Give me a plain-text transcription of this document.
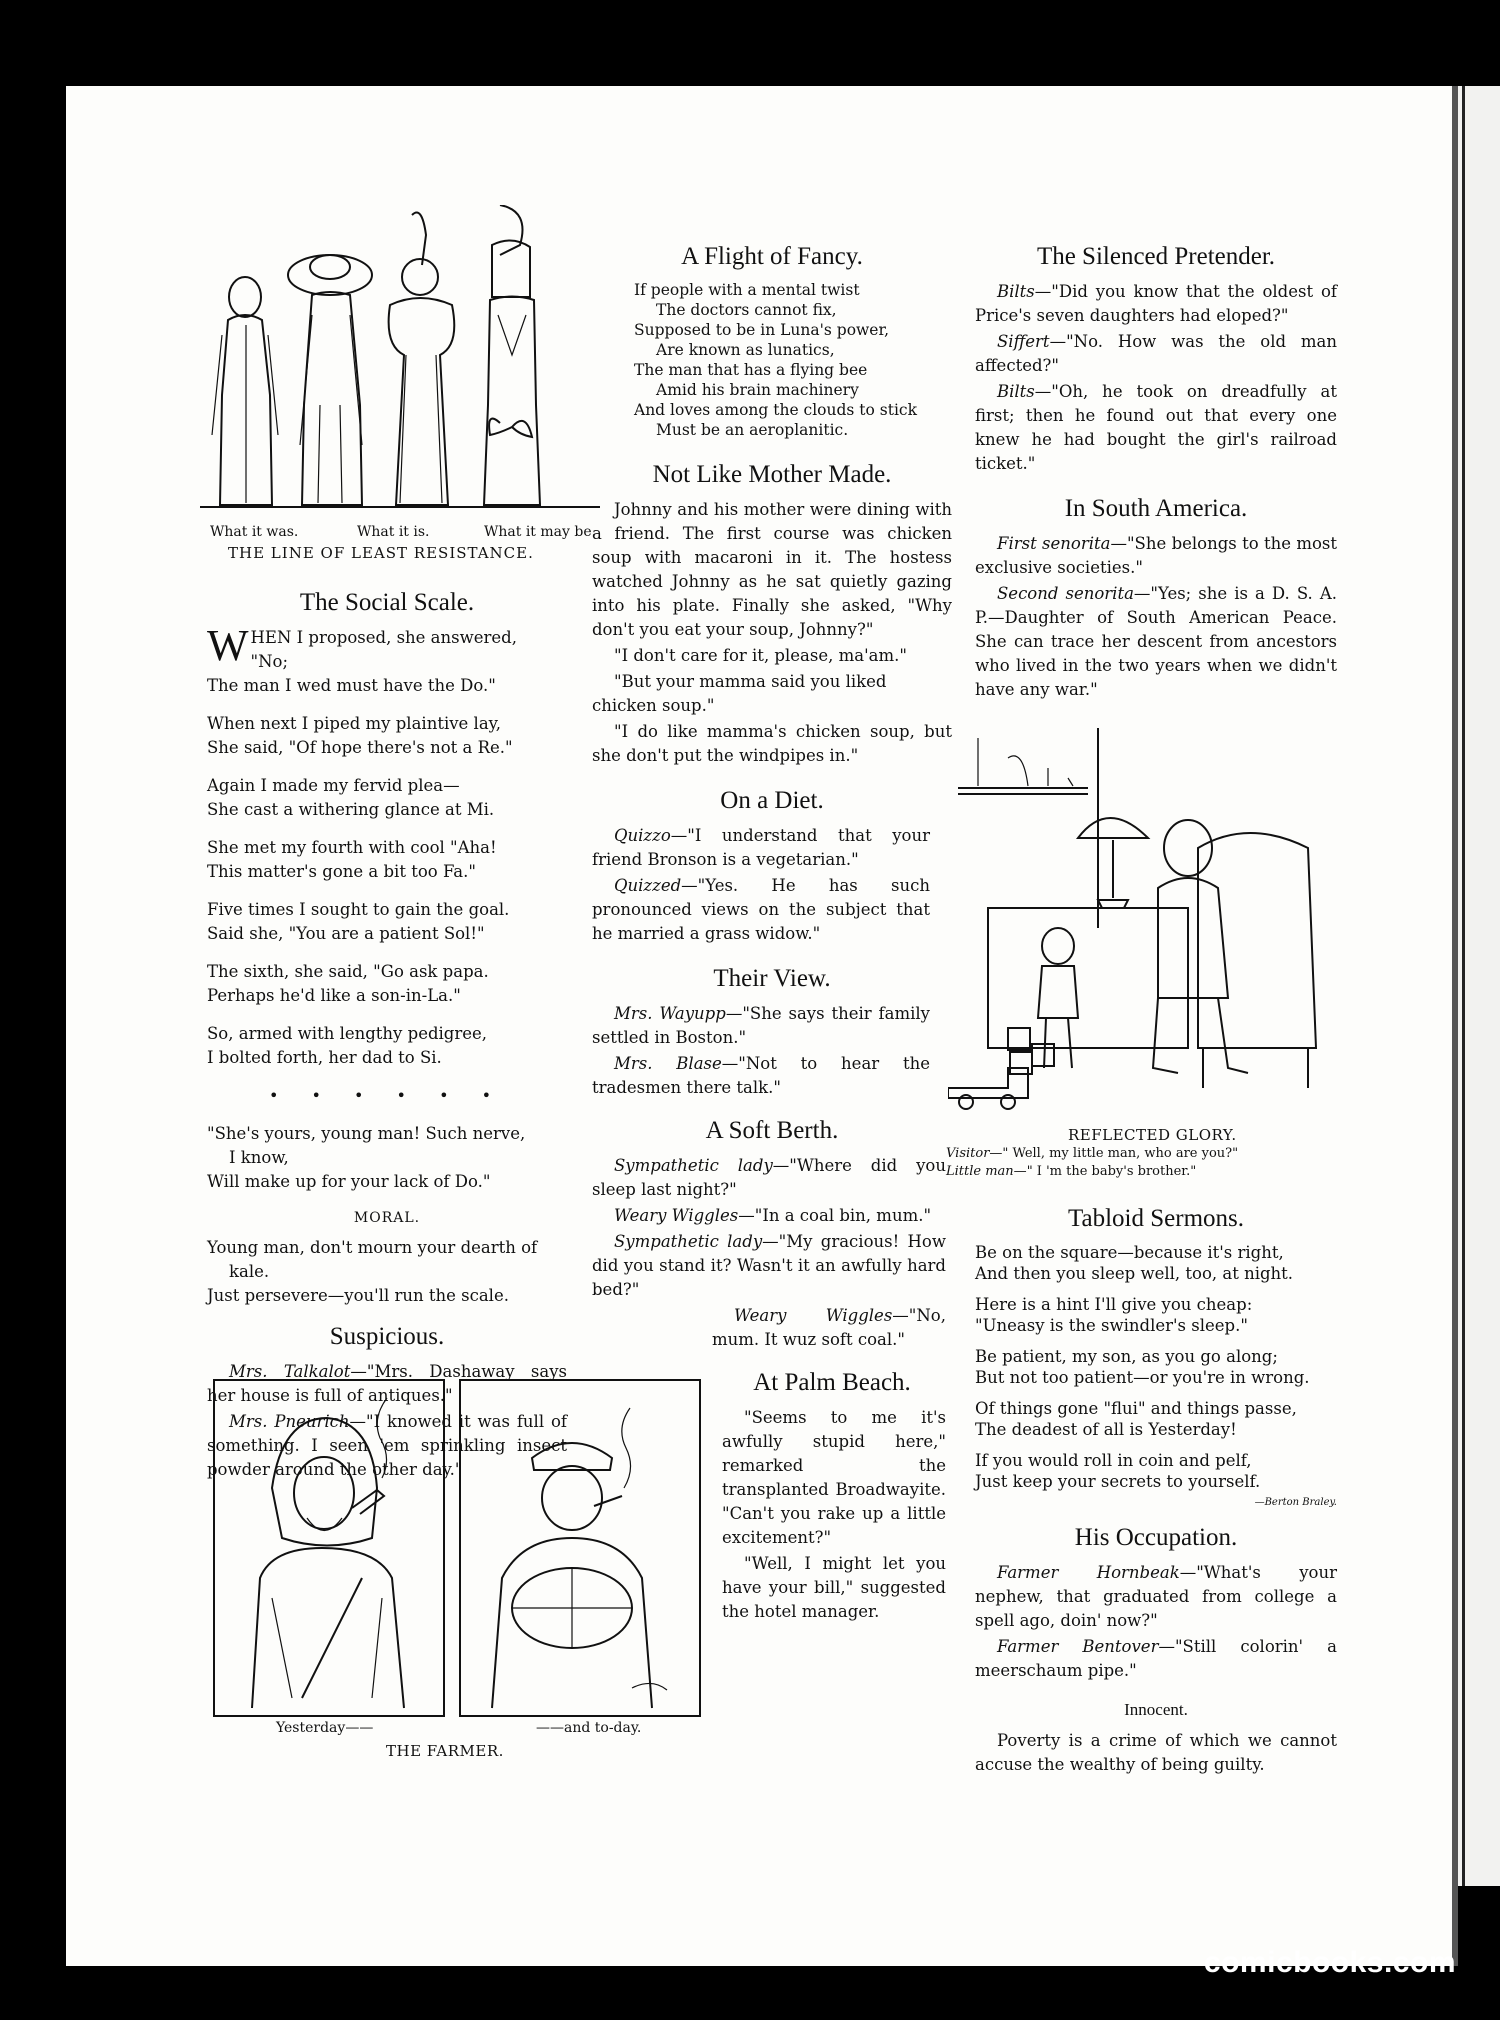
What it was.	What it is.	What it may be.
THE LINE OF LEAST RESISTANCE.
The Social Scale.

WHEN I proposed, she answered,

"No;

The man I wed must have the Do."

When next I piped my plaintive lay,

She said, "Of hope there's not a Re."

Again I made my fervid plea—

She cast a withering glance at Mi.

She met my fourth with cool "Aha!

This matter's gone a bit too Fa."

Five times I sought to gain the goal.

Said she, "You are a patient Sol!"

The sixth, she said, "Go ask papa.

Perhaps he'd like a son-in-La."

So, armed with lengthy pedigree,

I bolted forth, her dad to Si.

• • • • • •

"She's yours, young man! Such nerve,

I know,

Will make up for your lack of Do."

MORAL.

Young man, don't mourn your dearth of

kale.

Just persevere—you'll run the scale.

Suspicious.

Mrs. Talkalot—"Mrs. Dashaway says her house is full of antiques."

Mrs. Pneurich—"I knowed it was full of something. I seen 'em sprinkling insect powder around the other day."

Yesterday——	——and to-day.
THE FARMER.
A Flight of Fancy.

If people with a mental twist

The doctors cannot fix,

Supposed to be in Luna's power,

Are known as lunatics,

The man that has a flying bee

Amid his brain machinery

And loves among the clouds to stick

Must be an aeroplanitic.

Not Like Mother Made.

Johnny and his mother were dining with a friend. The first course was chicken soup with macaroni in it. The hostess watched Johnny as he sat quietly gazing into his plate. Finally she asked, "Why don't you eat your soup, Johnny?"

"I don't care for it, please, ma'am."

"But your mamma said you liked chicken soup."

"I do like mamma's chicken soup, but she don't put the windpipes in."

On a Diet.

Quizzo—"I understand that your friend Bronson is a vegetarian."

Quizzed—"Yes. He has such pronounced views on the subject that he married a grass widow."

Their View.

Mrs. Wayupp—"She says their family settled in Boston."

Mrs. Blase—"Not to hear the tradesmen there talk."

A Soft Berth.

Sympathetic lady—"Where did you sleep last night?"

Weary Wiggles—"In a coal bin, mum."

Sympathetic lady—"My gracious! How did you stand it? Wasn't it an awfully hard bed?"

Weary Wiggles—"No, mum. It wuz soft coal."

At Palm Beach.

"Seems to me it's awfully stupid here," remarked the transplanted Broadwayite. "Can't you rake up a little excitement?"

"Well, I might let you have your bill," suggested the hotel manager.

The Silenced Pretender.

Bilts—"Did you know that the oldest of Price's seven daughters had eloped?"

Siffert—"No. How was the old man affected?"

Bilts—"Oh, he took on dreadfully at first; then he found out that every one knew he had bought the girl's railroad ticket."

In South America.

First senorita—"She belongs to the most exclusive societies."

Second senorita—"Yes; she is a D. S. A. P.—Daughter of South American Peace. She can trace her descent from ancestors who lived in the two years when we didn't have any war."

REFLECTED GLORY.
Visitor—" Well, my little man, who are you?"
Little man—" I 'm the baby's brother."
Tabloid Sermons.

Be on the square—because it's right,

And then you sleep well, too, at night.

Here is a hint I'll give you cheap:

"Uneasy is the swindler's sleep."

Be patient, my son, as you go along;

But not too patient—or you're in wrong.

Of things gone "flui" and things passe,

The deadest of all is Yesterday!

If you would roll in coin and pelf,

Just keep your secrets to yourself.

—Berton Braley.
His Occupation.

Farmer Hornbeak—"What's your nephew, that graduated from college a spell ago, doin' now?"

Farmer Bentover—"Still colorin' a meerschaum pipe."

Innocent.

Poverty is a crime of which we cannot accuse the wealthy of being guilty.

comicbooks.com
